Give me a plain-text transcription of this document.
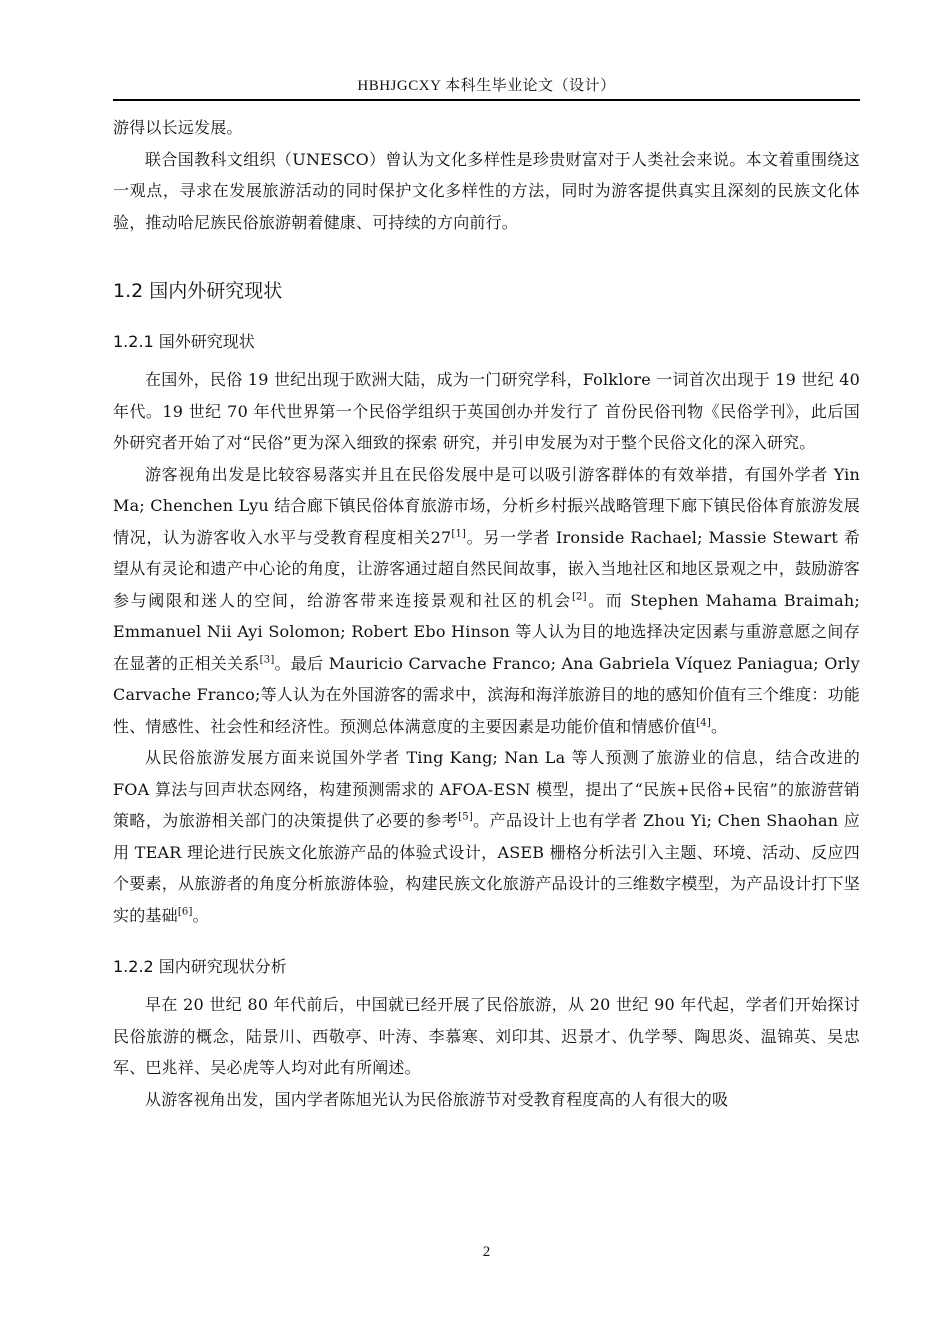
HBHJGCXY 本科生毕业论文（设计）

游得以长远发展。

联合国教科文组织（UNESCO）曾认为文化多样性是珍贵财富对于人类社会来说。本文着重围绕这一观点，寻求在发展旅游活动的同时保护文化多样性的方法，同时为游客提供真实且深刻的民族文化体验，推动哈尼族民俗旅游朝着健康、可持续的方向前行。

1.2 国内外研究现状
1.2.1 国外研究现状

在国外，民俗 19 世纪出现于欧洲大陆，成为一门研究学科，Folklore 一词首次出现于 19 世纪 40 年代。19 世纪 70 年代世界第一个民俗学组织于英国创办并发行了 首份民俗刊物《民俗学刊》，此后国外研究者开始了对“民俗”更为深入细致的探索 研究，并引申发展为对于整个民俗文化的深入研究。

游客视角出发是比较容易落实并且在民俗发展中是可以吸引游客群体的有效举措，有国外学者 Yin Ma; Chenchen Lyu 结合廊下镇民俗体育旅游市场，分析乡村振兴战略管理下廊下镇民俗体育旅游发展情况，认为游客收入水平与受教育程度相关27[1]。另一学者 Ironside Rachael; Massie Stewart 希望从有灵论和遗产中心论的角度，让游客通过超自然民间故事，嵌入当地社区和地区景观之中，鼓励游客参与阈限和迷人的空间，给游客带来连接景观和社区的机会[2]。而 Stephen Mahama Braimah; Emmanuel Nii Ayi Solomon; Robert Ebo Hinson 等人认为目的地选择决定因素与重游意愿之间存在显著的正相关关系[3]。最后 Mauricio Carvache Franco; Ana Gabriela Víquez Paniagua; Orly Carvache Franco;等人认为在外国游客的需求中，滨海和海洋旅游目的地的感知价值有三个维度：功能性、情感性、社会性和经济性。预测总体满意度的主要因素是功能价值和情感价值[4]。

从民俗旅游发展方面来说国外学者 Ting Kang; Nan La 等人预测了旅游业的信息，结合改进的 FOA 算法与回声状态网络，构建预测需求的 AFOA-ESN 模型，提出了“民族+民俗+民宿”的旅游营销策略，为旅游相关部门的决策提供了必要的参考[5]。产品设计上也有学者 Zhou Yi; Chen Shaohan 应用 TEAR 理论进行民族文化旅游产品的体验式设计，ASEB 栅格分析法引入主题、环境、活动、反应四个要素，从旅游者的角度分析旅游体验，构建民族文化旅游产品设计的三维数字模型，为产品设计打下坚实的基础[6]。

1.2.2 国内研究现状分析

早在 20 世纪 80 年代前后，中国就已经开展了民俗旅游，从 20 世纪 90 年代起，学者们开始探讨民俗旅游的概念，陆景川、西敬亭、叶涛、李慕寒、刘印其、迟景才、仇学琴、陶思炎、温锦英、吴忠军、巴兆祥、吴必虎等人均对此有所阐述。

从游客视角出发，国内学者陈旭光认为民俗旅游节对受教育程度高的人有很大的吸

2
